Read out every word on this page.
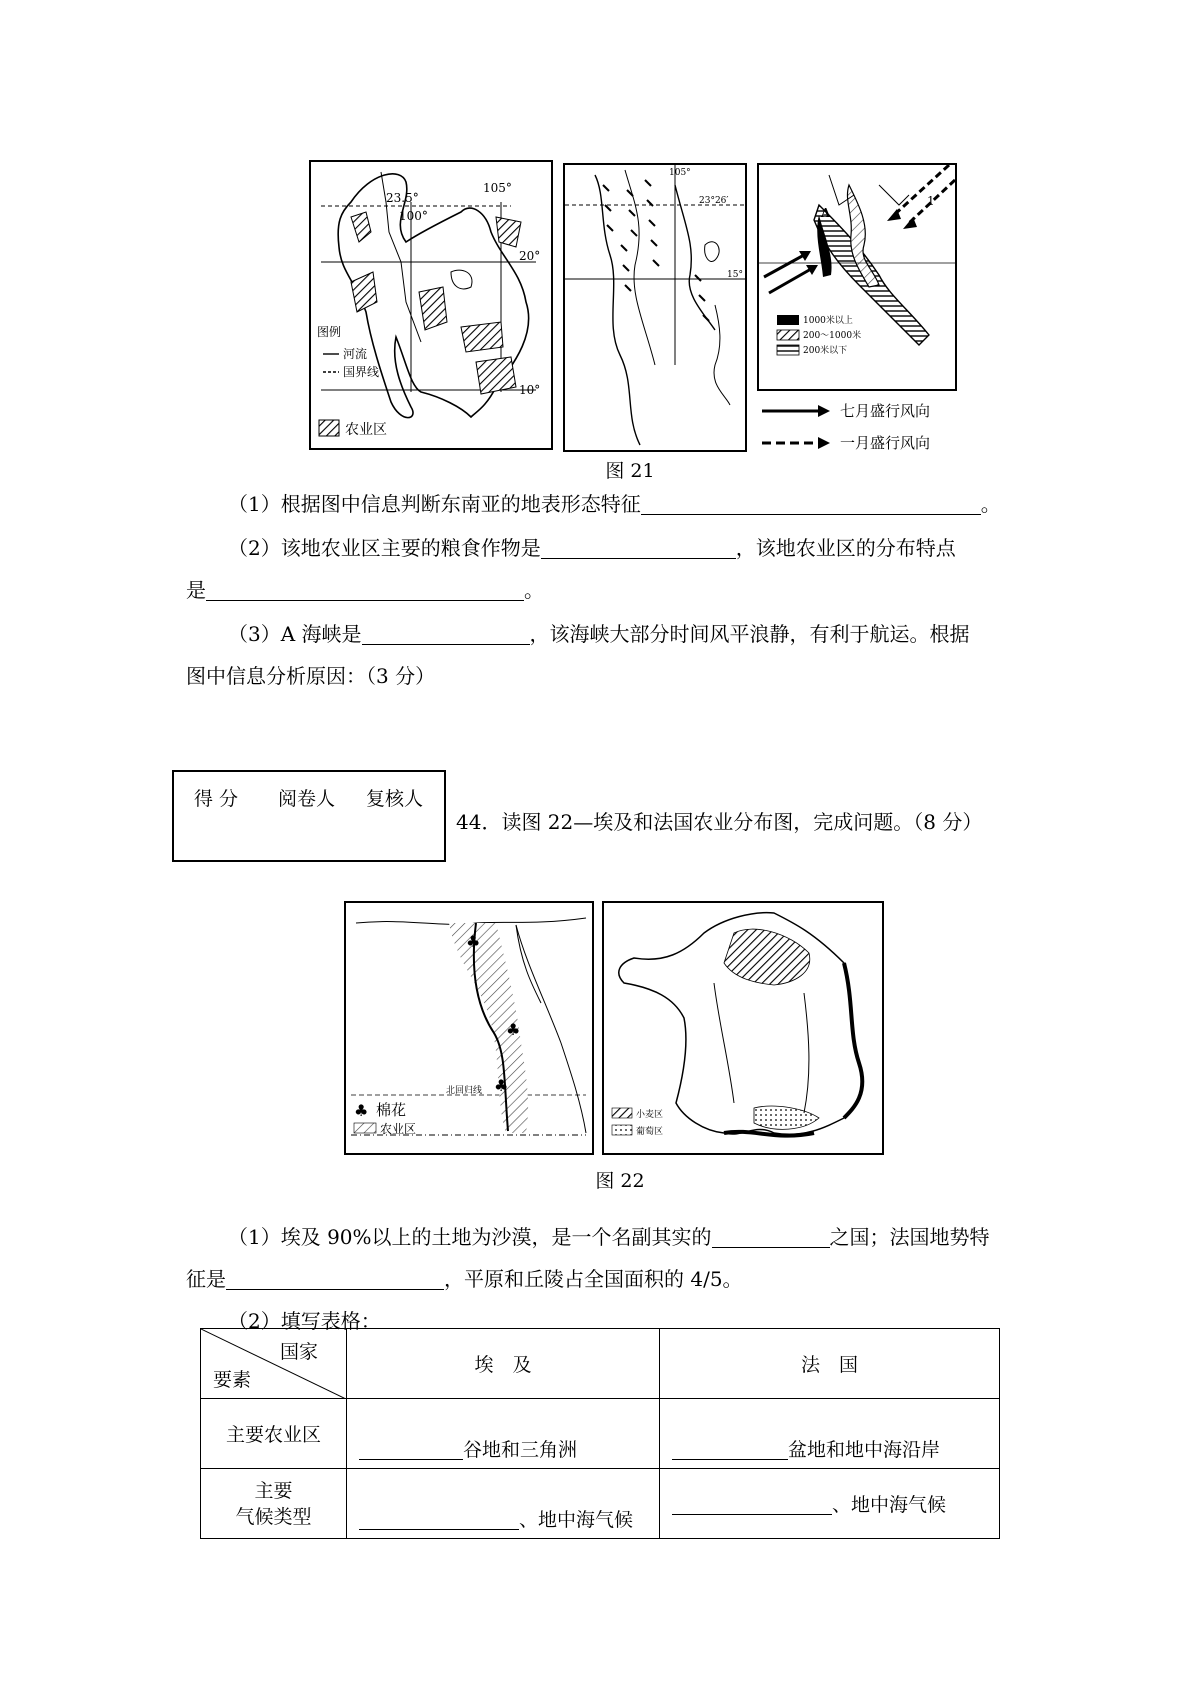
23.5°
105°
100°
20°
10°
图例
河流
国界线
农业区
105°
23°26′
15°
A
1
1000米以上
200～1000米
200米以下
七月盛行风向
一月盛行风向
图 21
（1）根据图中信息判断东南亚的地表形态特征	。
（2）该地农业区主要的粮食作物是	，该地农业区的分布特点
是	。
（3）A 海峡是	，该海峡大部分时间风平浪静，有利于航运。根据
图中信息分析原因：（3 分）
得 分 阅卷人 复核人
44．读图 22—埃及和法国农业分布图，完成问题。（8 分）
♣
♣
♣
北回归线
♣ 棉花
农业区
小麦区
葡萄区
图 22
（1）埃及 90%以上的土地为沙漠，是一个名副其实的	之国；法国地势特
征是	，平原和丘陵占全国面积的 4/5。
（2）填写表格：
国家
要素	埃　及	法　国
主要农业区	谷地和三角洲	盆地和地中海沿岸

主要
气候类型	、地中海气候	、地中海气候
